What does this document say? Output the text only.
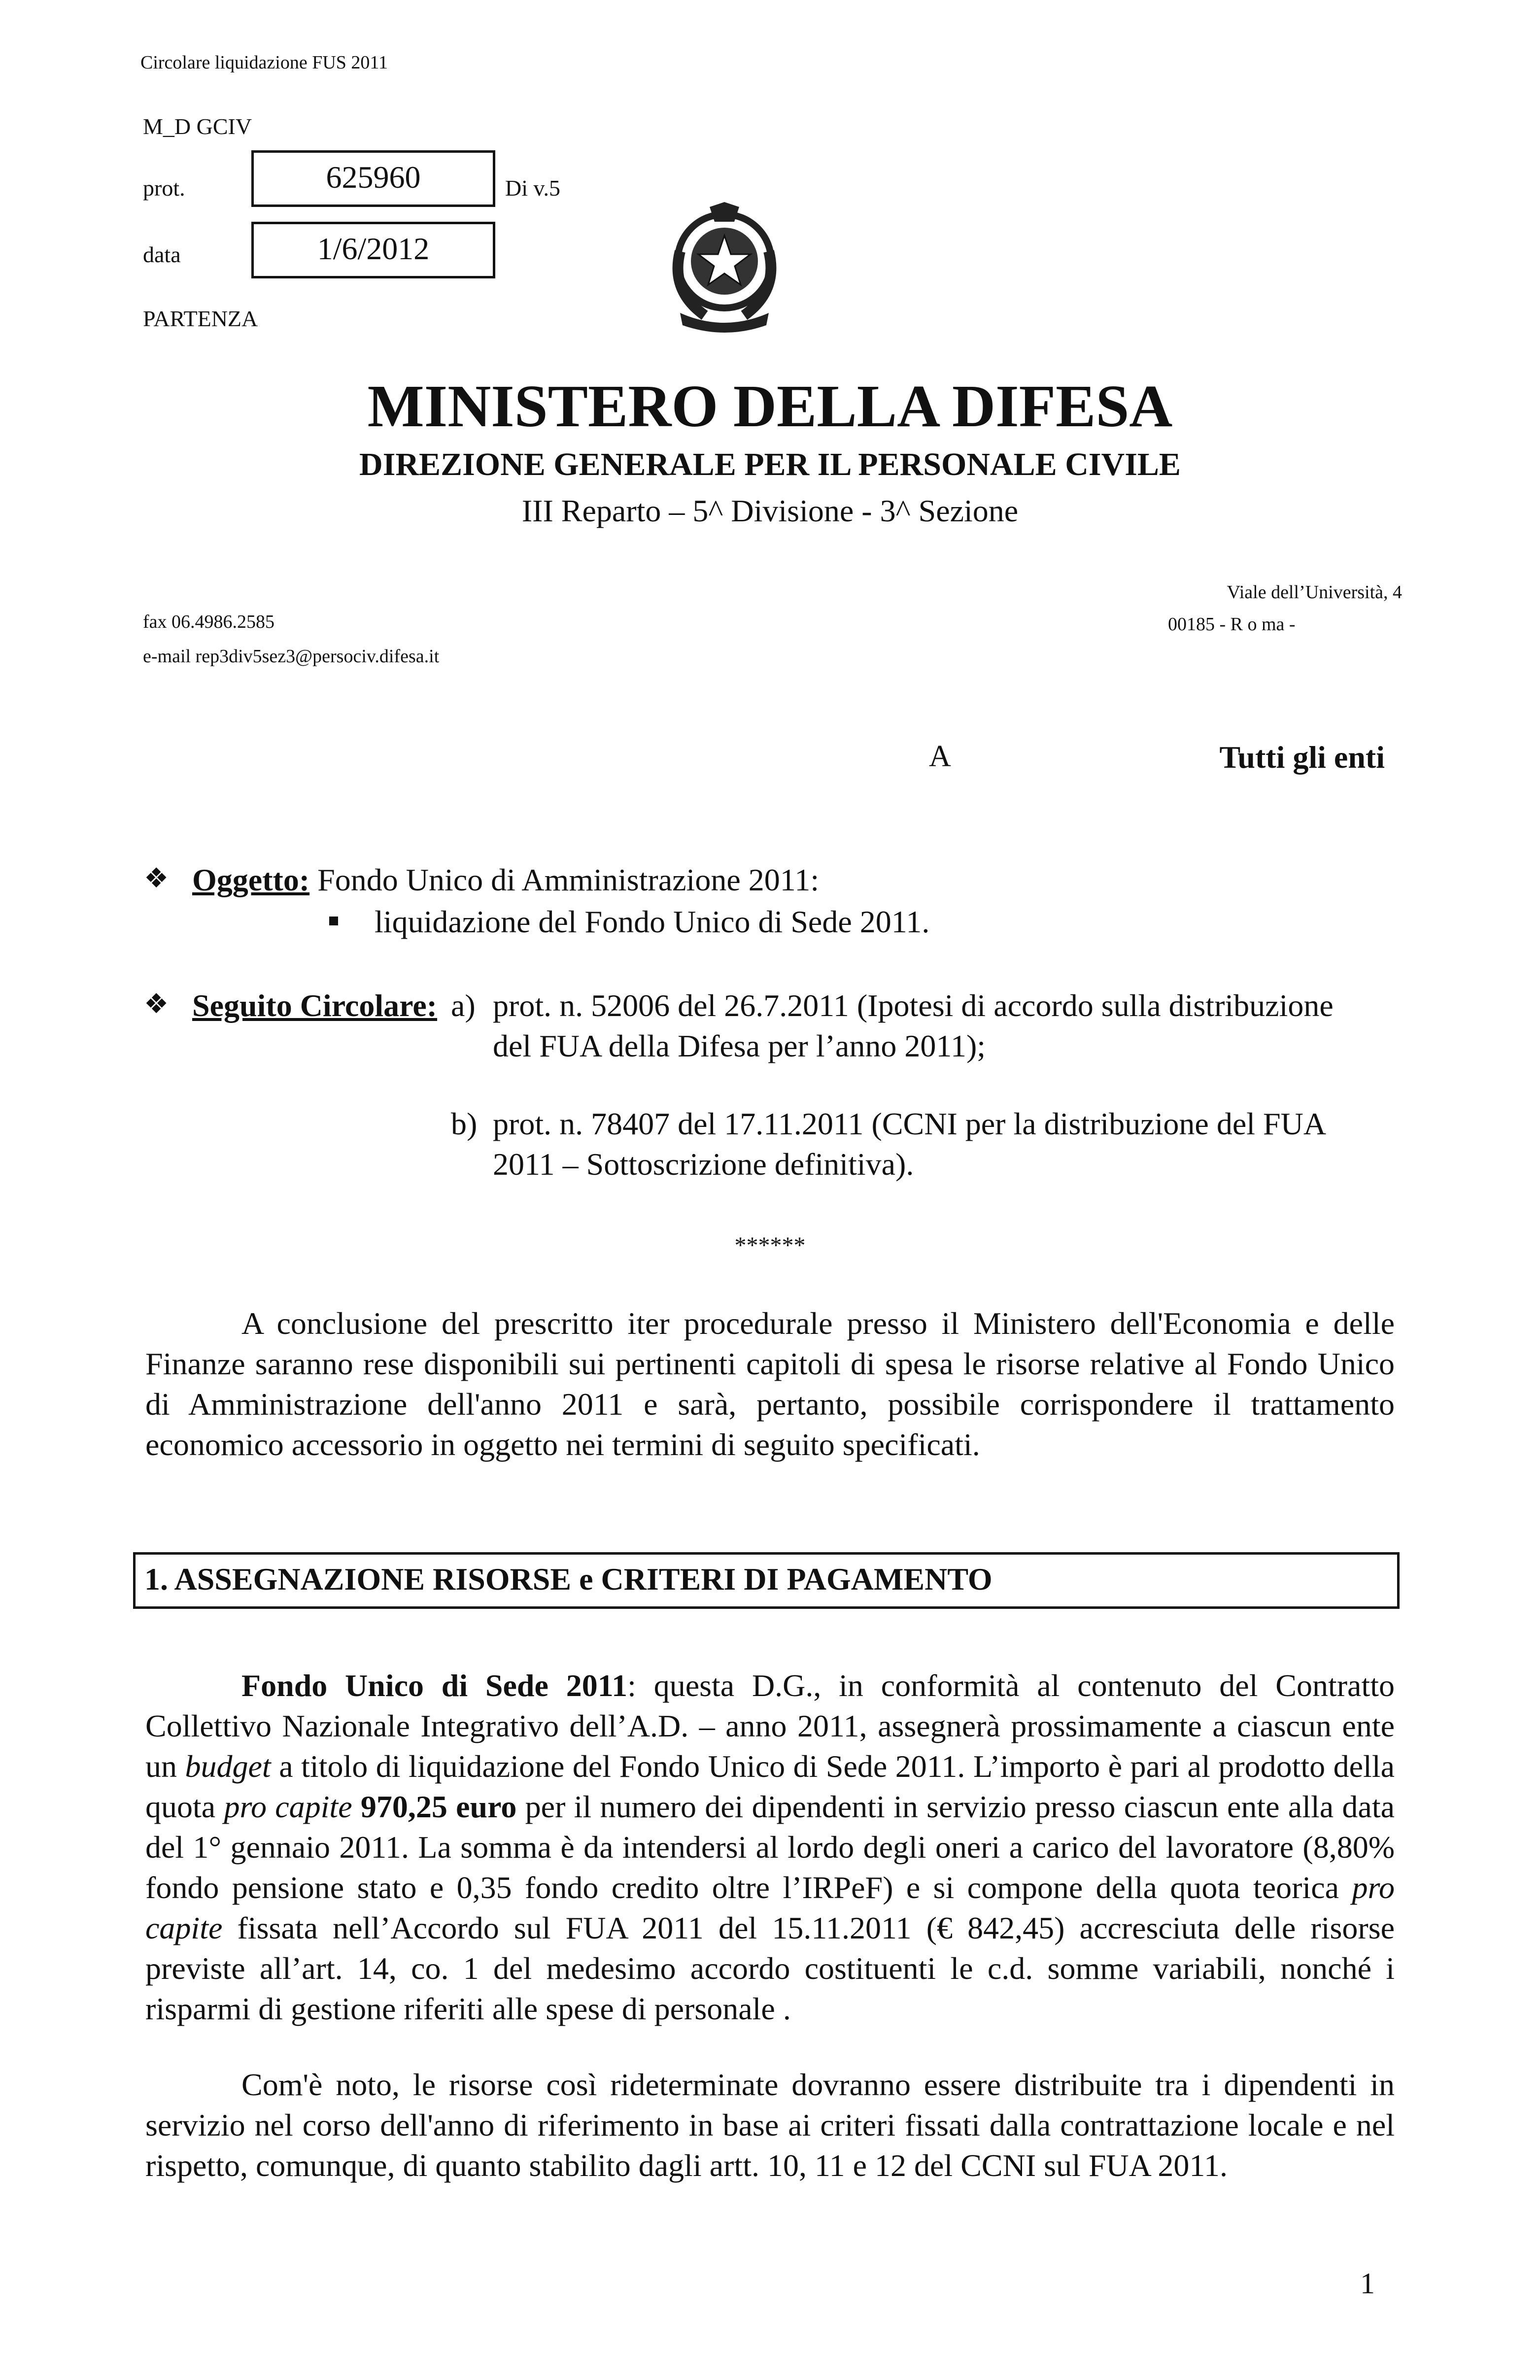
Circolare liquidazione FUS 2011
M_D GCIV
prot.	625960	Di v.5
data	1/6/2012
PARTENZA
MINISTERO DELLA DIFESA
DIREZIONE GENERALE PER IL PERSONALE CIVILE
III Reparto – 5^ Divisione - 3^ Sezione
fax 06.4986.2585
e-mail rep3div5sez3@persociv.difesa.it
Viale dell’Università, 4
00185 - R o ma -
A	Tutti gli enti
❖ Oggetto: Fondo Unico di Amministrazione 2011:
liquidazione del Fondo Unico di Sede 2011.
❖ Seguito Circolare: a) prot. n. 52006 del 26.7.2011 (Ipotesi di accordo sulla distribuzione
del FUA della Difesa per l’anno 2011);
b) prot. n. 78407 del 17.11.2011 (CCNI per la distribuzione del FUA
2011 – Sottoscrizione definitiva).
******
A conclusione del prescritto iter procedurale presso il Ministero dell'Economia e delle Finanze saranno rese disponibili sui pertinenti capitoli di spesa le risorse relative al Fondo Unico di Amministrazione dell'anno 2011 e sarà, pertanto, possibile corrispondere il trattamento economico accessorio in oggetto nei termini di seguito specificati.
1. ASSEGNAZIONE RISORSE e CRITERI DI PAGAMENTO
Fondo Unico di Sede 2011: questa D.G., in conformità al contenuto del Contratto Collettivo Nazionale Integrativo dell’A.D. – anno 2011, assegnerà prossimamente a ciascun ente un budget a titolo di liquidazione del Fondo Unico di Sede 2011. L’importo è pari al prodotto della quota pro capite 970,25 euro per il numero dei dipendenti in servizio presso ciascun ente alla data del 1° gennaio 2011. La somma è da intendersi al lordo degli oneri a carico del lavoratore (8,80% fondo pensione stato e 0,35 fondo credito oltre l’IRPeF) e si compone della quota teorica pro capite fissata nell’Accordo sul FUA 2011 del 15.11.2011 (€ 842,45) accresciuta delle risorse previste all’art. 14, co. 1 del medesimo accordo costituenti le c.d. somme variabili, nonché i risparmi di gestione riferiti alle spese di personale .
Com'è noto, le risorse così rideterminate dovranno essere distribuite tra i dipendenti in servizio nel corso dell'anno di riferimento in base ai criteri fissati dalla contrattazione locale e nel rispetto, comunque, di quanto stabilito dagli artt. 10, 11 e 12 del CCNI sul FUA 2011.
1
